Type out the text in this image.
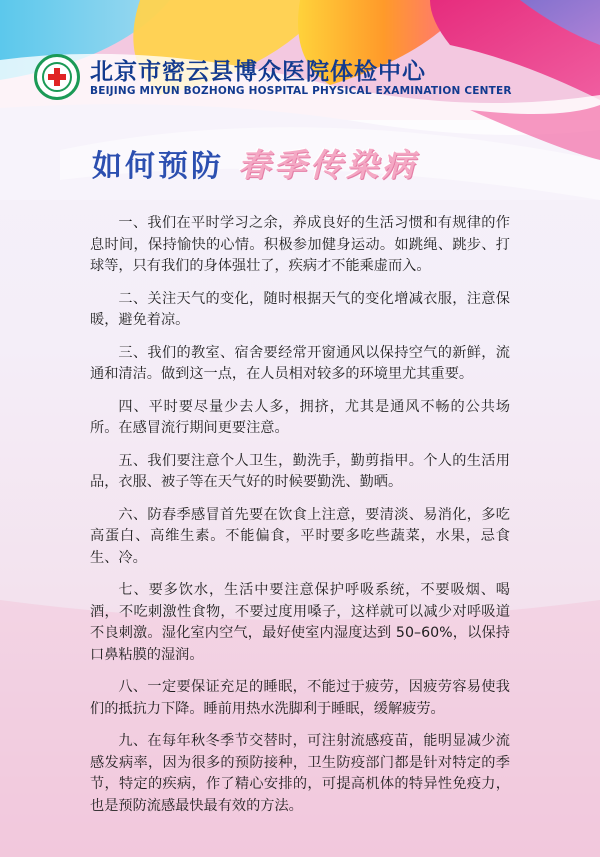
北京市密云县博众医院体检中心
BEIJING MIYUN BOZHONG HOSPITAL PHYSICAL EXAMINATION CENTER
如何预防 春季传染病

一、我们在平时学习之余，养成良好的生活习惯和有规律的作息时间，保持愉快的心情。积极参加健身运动。如跳绳、跳步、打球等，只有我们的身体强壮了，疾病才不能乘虚而入。

二、关注天气的变化，随时根据天气的变化增减衣服，注意保暖，避免着凉。

三、我们的教室、宿舍要经常开窗通风以保持空气的新鲜，流通和清洁。做到这一点，在人员相对较多的环境里尤其重要。

四、平时要尽量少去人多，拥挤，尤其是通风不畅的公共场所。在感冒流行期间更要注意。

五、我们要注意个人卫生，勤洗手，勤剪指甲。个人的生活用品，衣服、被子等在天气好的时候要勤洗、勤晒。

六、防春季感冒首先要在饮食上注意，要清淡、易消化，多吃高蛋白、高维生素。不能偏食，平时要多吃些蔬菜，水果，忌食生、冷。

七、要多饮水，生活中要注意保护呼吸系统，不要吸烟、喝酒，不吃刺激性食物，不要过度用嗓子，这样就可以减少对呼吸道不良刺激。湿化室内空气，最好使室内湿度达到 50–60%，以保持口鼻粘膜的湿润。

八、一定要保证充足的睡眠，不能过于疲劳，因疲劳容易使我们的抵抗力下降。睡前用热水洗脚利于睡眠，缓解疲劳。

九、在每年秋冬季节交替时，可注射流感疫苗，能明显减少流感发病率，因为很多的预防接种，卫生防疫部门都是针对特定的季节，特定的疾病，作了精心安排的，可提高机体的特异性免疫力，也是预防流感最快最有效的方法。
